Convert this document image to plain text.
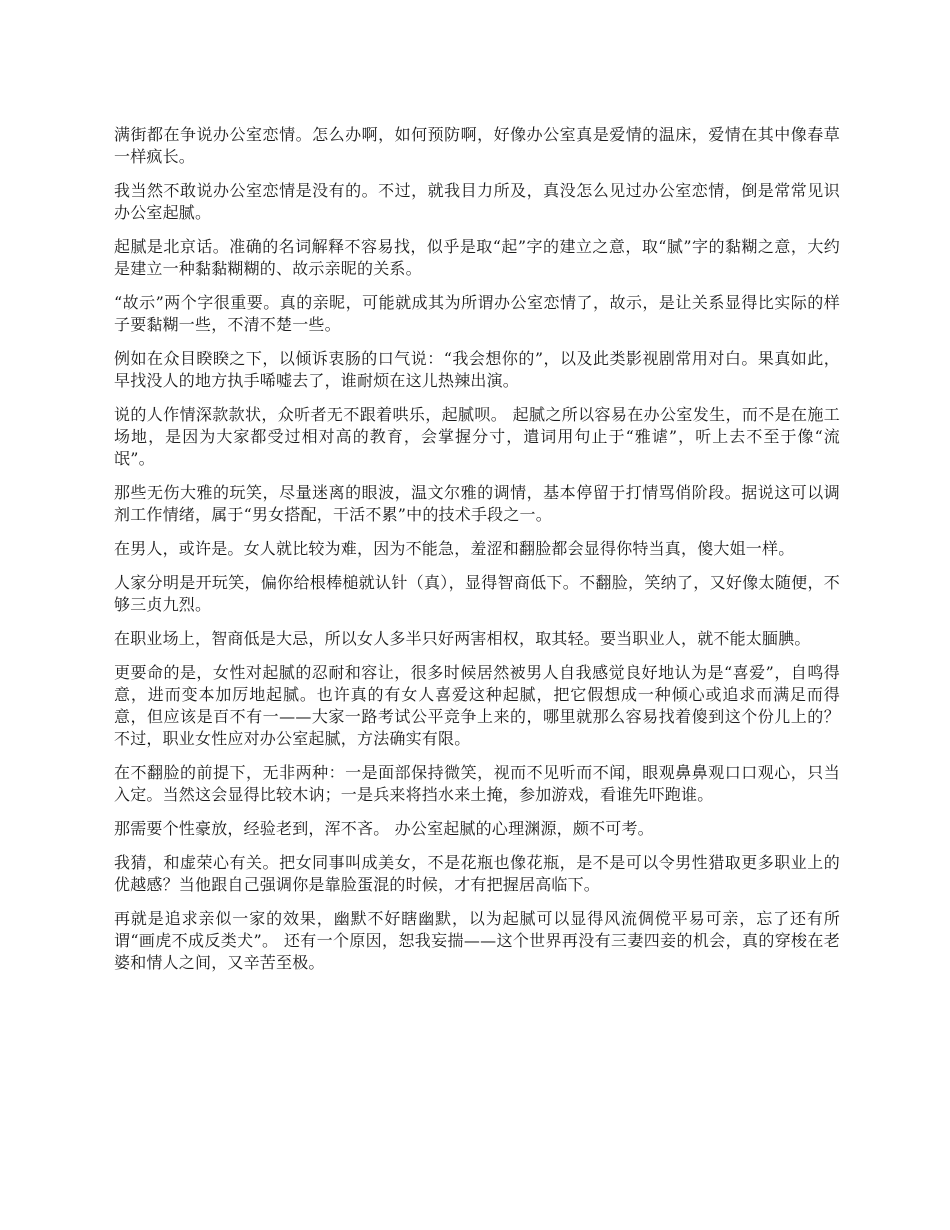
满街都在争说办公室恋情。怎么办啊，如何预防啊，好像办公室真是爱情的温床，爱情在其中像春草一样疯长。

我当然不敢说办公室恋情是没有的。不过，就我目力所及，真没怎么见过办公室恋情，倒是常常见识办公室起腻。

起腻是北京话。准确的名词解释不容易找，似乎是取“起”字的建立之意，取“腻”字的黏糊之意，大约是建立一种黏黏糊糊的、故示亲昵的关系。

“故示”两个字很重要。真的亲昵，可能就成其为所谓办公室恋情了，故示，是让关系显得比实际的样子要黏糊一些，不清不楚一些。

例如在众目睽睽之下，以倾诉衷肠的口气说：“我会想你的”，以及此类影视剧常用对白。果真如此，早找没人的地方执手唏嘘去了，谁耐烦在这儿热辣出演。

说的人作情深款款状，众听者无不跟着哄乐，起腻呗。 起腻之所以容易在办公室发生，而不是在施工场地，是因为大家都受过相对高的教育，会掌握分寸，遣词用句止于“雅谑”，听上去不至于像“流氓”。

那些无伤大雅的玩笑，尽量迷离的眼波，温文尔雅的调情，基本停留于打情骂俏阶段。据说这可以调剂工作情绪，属于“男女搭配，干活不累”中的技术手段之一。

在男人，或许是。女人就比较为难，因为不能急，羞涩和翻脸都会显得你特当真，傻大姐一样。

人家分明是开玩笑，偏你给根棒槌就认针（真），显得智商低下。不翻脸，笑纳了，又好像太随便，不够三贞九烈。

在职业场上，智商低是大忌，所以女人多半只好两害相权，取其轻。要当职业人，就不能太腼腆。

更要命的是，女性对起腻的忍耐和容让，很多时候居然被男人自我感觉良好地认为是“喜爱”，自鸣得意，进而变本加厉地起腻。也许真的有女人喜爱这种起腻，把它假想成一种倾心或追求而满足而得意，但应该是百不有一——大家一路考试公平竞争上来的，哪里就那么容易找着傻到这个份儿上的？ 不过，职业女性应对办公室起腻，方法确实有限。

在不翻脸的前提下，无非两种：一是面部保持微笑，视而不见听而不闻，眼观鼻鼻观口口观心，只当入定。当然这会显得比较木讷；一是兵来将挡水来土掩，参加游戏，看谁先吓跑谁。

那需要个性豪放，经验老到，浑不吝。 办公室起腻的心理渊源，颇不可考。

我猜，和虚荣心有关。把女同事叫成美女，不是花瓶也像花瓶，是不是可以令男性猎取更多职业上的优越感？当他跟自己强调你是靠脸蛋混的时候，才有把握居高临下。

再就是追求亲似一家的效果，幽默不好瞎幽默，以为起腻可以显得风流倜傥平易可亲，忘了还有所谓“画虎不成反类犬”。 还有一个原因，恕我妄揣——这个世界再没有三妻四妾的机会，真的穿梭在老婆和情人之间，又辛苦至极。
